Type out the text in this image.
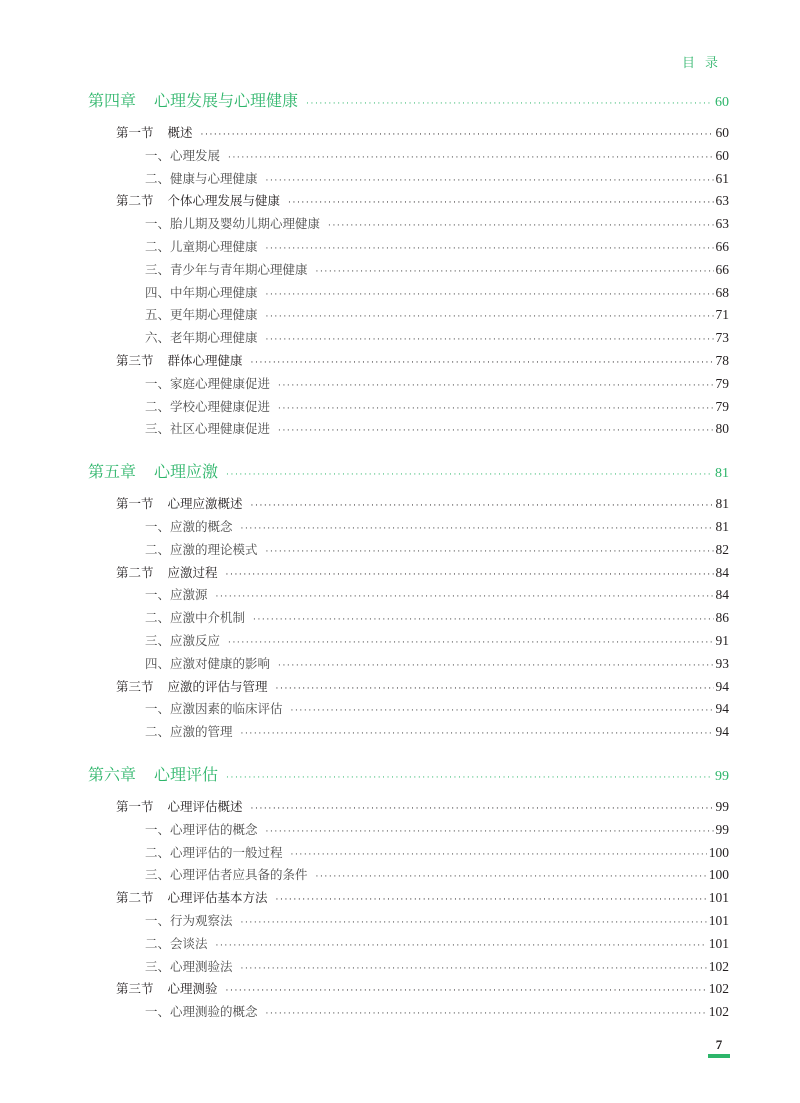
目录
第四章 心理发展与心理健康 ·····	60
第一节 概述 ·····	60
一、心理发展 ·····	60
二、健康与心理健康 ·····	61
第二节 个体心理发展与健康 ·····	63
一、胎儿期及婴幼儿期心理健康 ·····	63
二、儿童期心理健康 ·····	66
三、青少年与青年期心理健康 ·····	66
四、中年期心理健康 ·····	68
五、更年期心理健康 ·····	71
六、老年期心理健康 ·····	73
第三节 群体心理健康 ·····	78
一、家庭心理健康促进 ·····	79
二、学校心理健康促进 ·····	79
三、社区心理健康促进 ·····	80
第五章 心理应激 ·····	81
第一节 心理应激概述 ·····	81
一、应激的概念 ·····	81
二、应激的理论模式 ·····	82
第二节 应激过程 ·····	84
一、应激源 ·····	84
二、应激中介机制 ·····	86
三、应激反应 ·····	91
四、应激对健康的影响 ·····	93
第三节 应激的评估与管理 ·····	94
一、应激因素的临床评估 ·····	94
二、应激的管理 ·····	94
第六章 心理评估 ·····	99
第一节 心理评估概述 ·····	99
一、心理评估的概念 ·····	99
二、心理评估的一般过程 ·····	100
三、心理评估者应具备的条件 ·····	100
第二节 心理评估基本方法 ·····	101
一、行为观察法 ·····	101
二、会谈法 ·····	101
三、心理测验法 ·····	102
第三节 心理测验 ·····	102
一、心理测验的概念 ·····	102
7
